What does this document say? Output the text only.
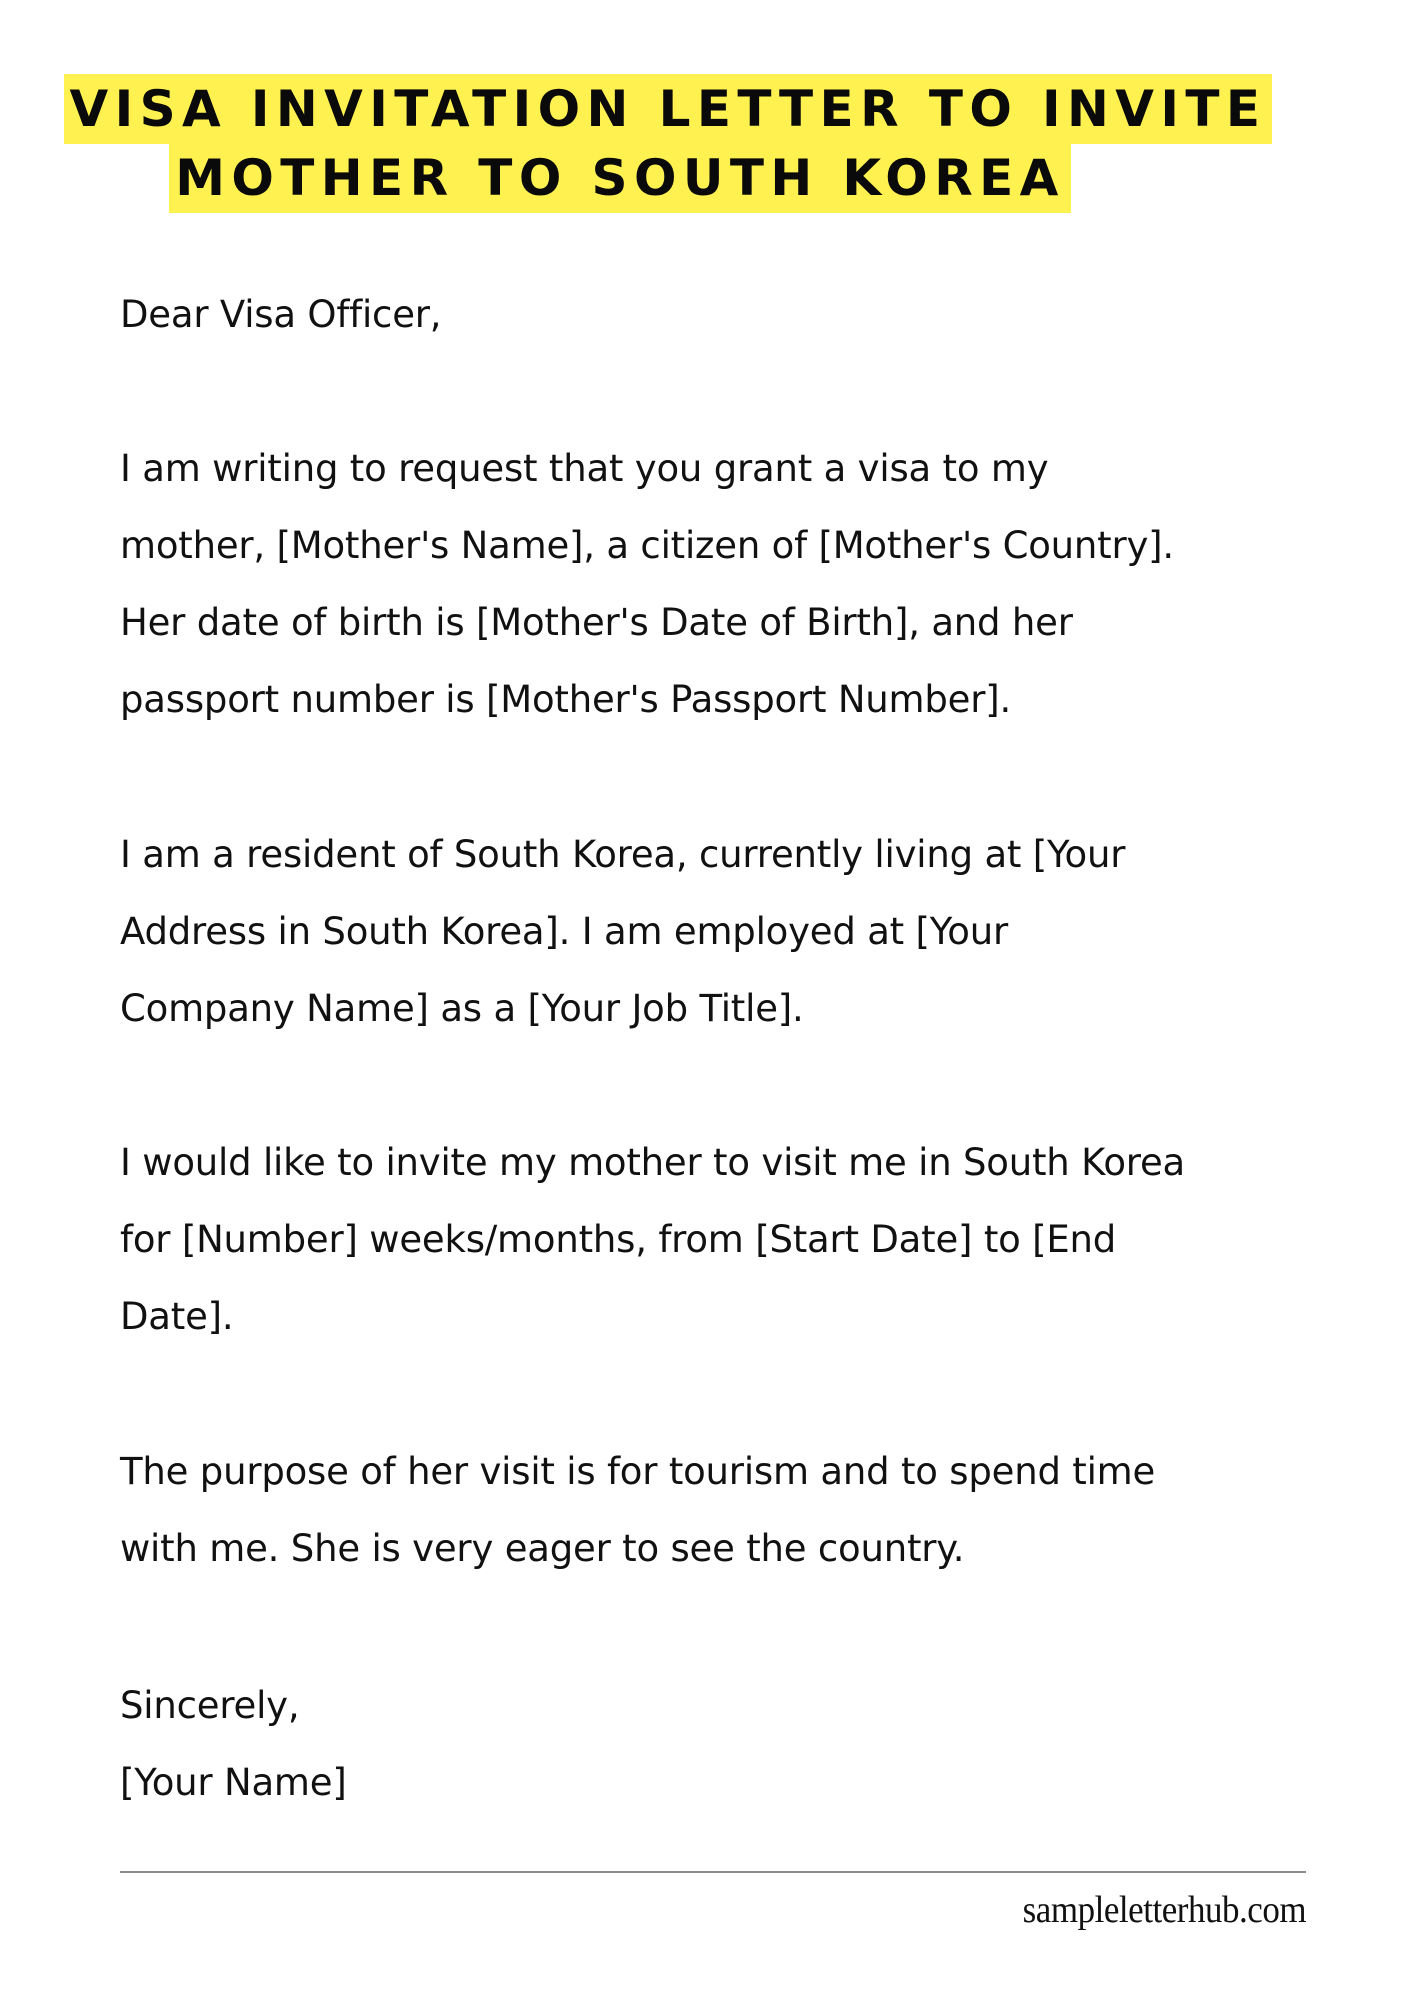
VISA INVITATION LETTER TO INVITE
MOTHER TO SOUTH KOREA
Dear Visa Officer,
I am writing to request that you grant a visa to my
mother, [Mother's Name], a citizen of [Mother's Country].
Her date of birth is [Mother's Date of Birth], and her
passport number is [Mother's Passport Number].
I am a resident of South Korea, currently living at [Your
Address in South Korea]. I am employed at [Your
Company Name] as a [Your Job Title].
I would like to invite my mother to visit me in South Korea
for [Number] weeks/months, from [Start Date] to [End
Date].
The purpose of her visit is for tourism and to spend time
with me. She is very eager to see the country.
Sincerely,
[Your Name]
sampleletterhub.com
